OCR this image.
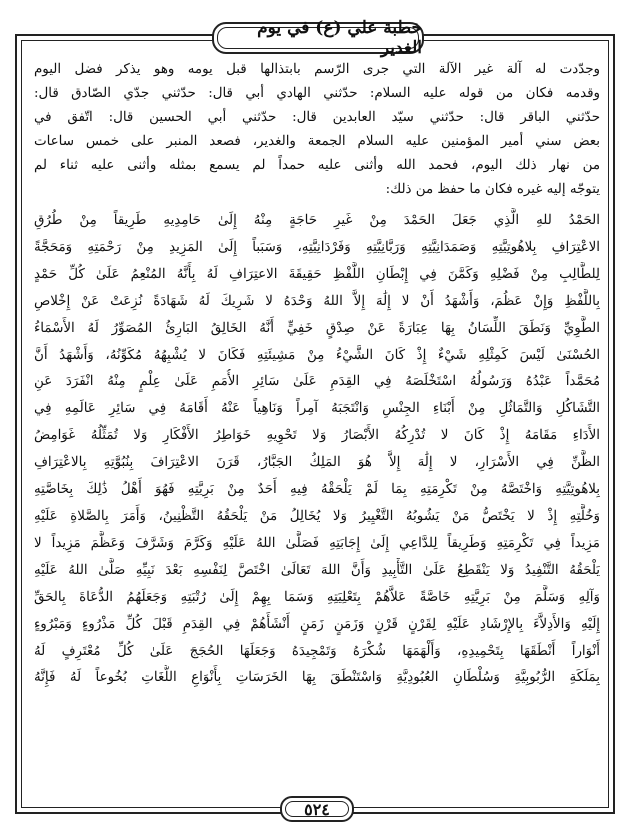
خطبة علي (ع) في يوم الغدير

وجدّدت له آلة غير الآلة التي جرى الرّسم بابتذالها قبل يومه وهو يذكر فضل اليوم

وقدمه فكان من قوله عليه السلام: حدّثني الهادي أبي قال: حدّثني جدّي الصّادق قال:

حدّثني الباقر قال: حدّثني سيّد العابدين قال: حدّثني أبي الحسين قال: اتّفق في

بعض سني أمير المؤمنين عليه السلام الجمعة والغدير، فصعد المنبر على خمس ساعات

من نهار ذلك اليوم، فحمد الله وأثنى عليه حمداً لم يسمع بمثله وأثنى عليه ثناء لم

يتوجّه إليه غيره فكان ما حفظ من ذلك:

الحَمْدُ للهِ الَّذِي جَعَلَ الحَمْدَ مِنْ غَيرِ حَاجَةٍ مِنْهُ إِلَىٰ حَامِدِيهِ طَرِيقاً مِنْ طُرُقِ

الاعْتِرَافِ بِلاهُوتِيَّتِهِ وَصَمَدَانِيَّتِهِ وَرَبَّانِيَّتِهِ وَفَرْدَانِيَّتِهِ، وَسَبَباً إِلَىٰ المَزِيدِ مِنْ رَحْمَتِهِ وَمَحَجَّةً

لِلطَّالِبِ مِنْ فَضْلِهِ وَكَمَّنَ فِي إِبْطَانِ اللَّفْظِ حَقِيقَةَ الاعتِرَافِ لَهُ بِأَنَّهُ المُنْعِمُ عَلَىٰ كُلِّ حَمْدٍ

بِاللَّفْظِ وَإِنْ عَظُمَ، وَأَشْهَدُ أَنْ لا إِلَٰهَ إِلاَّ اللهُ وَحْدَهُ لا شَرِيكَ لَهُ شَهَادَةً نُزِعَتْ عَنْ إِخْلاصِ

الطَّوِيِّ وَنَطَقَ اللِّسَانُ بِهَا عِبَارَةً عَنْ صِدْقٍ خَفِيٍّ أَنَّهُ الخَالِقُ البَارِئُ المُصَوِّرُ لَهُ الأَسْمَاءُ

الحُسْنَىٰ لَيْسَ كَمِثْلِهِ شَيْءٌ إِذْ كَانَ الشَّيْءُ مِنْ مَشِيئَتِهِ فَكَانَ لا يُشْبِهُهُ مُكَوِّنُهُ، وَأَشْهَدُ أَنَّ

مُحَمَّداً عَبْدُهُ وَرَسُولُهُ اسْتَخْلَصَهُ فِي القِدَمِ عَلَىٰ سَائِرِ الأُمَمِ عَلَىٰ عِلْمٍ مِنْهُ انْفَرَدَ عَنِ

التَّشَاكُلِ وَالتَّمَاثُلِ مِنْ أَبْنَاءِ الجِنْسِ وَانْتَجَبَهُ آمِراً وَنَاهِياً عَنْهُ أَقَامَهُ فِي سَائِرِ عَالَمِهِ فِي

الأَدَاءِ مَقَامَهُ إِذْ كَانَ لا تُدْرِكُهُ الأَبْصَارُ وَلا تَحْوِيهِ خَوَاطِرُ الأَفْكَارِ وَلا تُمَثِّلُهُ غَوَامِضُ

الظَّنِّ فِي الأَسْرَارِ، لا إِلَٰهَ إِلاَّ هُوَ المَلِكُ الجَبَّارُ، قَرَنَ الاعْتِرَافَ بِنُبُوَّتِهِ بِالاعْتِرَافِ

بِلاهُوتِيَّتِهِ وَاخْتَصَّهُ مِنْ تَكْرِمَتِهِ بِمَا لَمْ يَلْحَقْهُ فِيهِ أَحَدٌ مِنْ بَرِيَّتِهِ فَهُوَ أَهْلُ ذَٰلِكَ بِخَاصَّتِهِ

وَخُلَّتِهِ إِذْ لا يَخْتَصُّ مَنْ يَشُوبُهُ التَّغْيِيرُ وَلا يُخَالِلُ مَنْ يَلْحَقُهُ التَّظْنِينُ، وَأَمَرَ بِالصَّلاةِ عَلَيْهِ

مَزِيداً فِي تَكْرِمَتِهِ وَطَرِيقاً لِلدَّاعِي إِلَىٰ إِجَابَتِهِ فَصَلَّىٰ اللهُ عَلَيْهِ وَكَرَّمَ وَشَرَّفَ وَعَظَّمَ مَزِيداً لا

يَلْحَقُهُ التَّنْفِيدُ وَلا يَنْقَطِعُ عَلَىٰ التَّأْبِيدِ وَأَنَّ اللهَ تَعَالَىٰ اخْتَصَّ لِنَفْسِهِ بَعْدَ نَبِيِّهِ صَلَّىٰ اللهُ عَلَيْهِ

وَآلِهِ وَسَلَّمَ مِنْ بَرِيَّتِهِ خَاصَّةً عَلاَّهُمْ بِتَعْلِيَتِهِ وَسَمَا بِهِمْ إِلَىٰ رُتْبَتِهِ وَجَعَلَهُمُ الدُّعَاةَ بِالحَقِّ

إِلَيْهِ وَالأَدِلاَّءَ بِالإِرْشَادِ عَلَيْهِ لِقَرْنٍ قَرْنٍ وَزَمَنٍ زَمَنٍ أَنْشَأَهُمْ فِي القِدَمِ قَبْلَ كُلِّ مَذْرُوءٍ وَمَبْرُوءٍ

أَنْوَاراً أَنْطَقَهَا بِتَحْمِيدِهِ، وَأَلْهَمَهَا شُكْرَهُ وَتَمْجِيدَهُ وَجَعَلَهَا الحُجَجَ عَلَىٰ كُلِّ مُعْتَرِفٍ لَهُ

بِمَلَكَةِ الرُّبُوبِيَّةِ وَسُلْطَانِ العُبُودِيَّةِ وَاسْتَنْطَقَ بِهَا الخَرَسَاتِ بِأَنْوَاعِ اللُّغَاتِ بُخُوعاً لَهُ فَإِنَّهُ

٥٢٤
